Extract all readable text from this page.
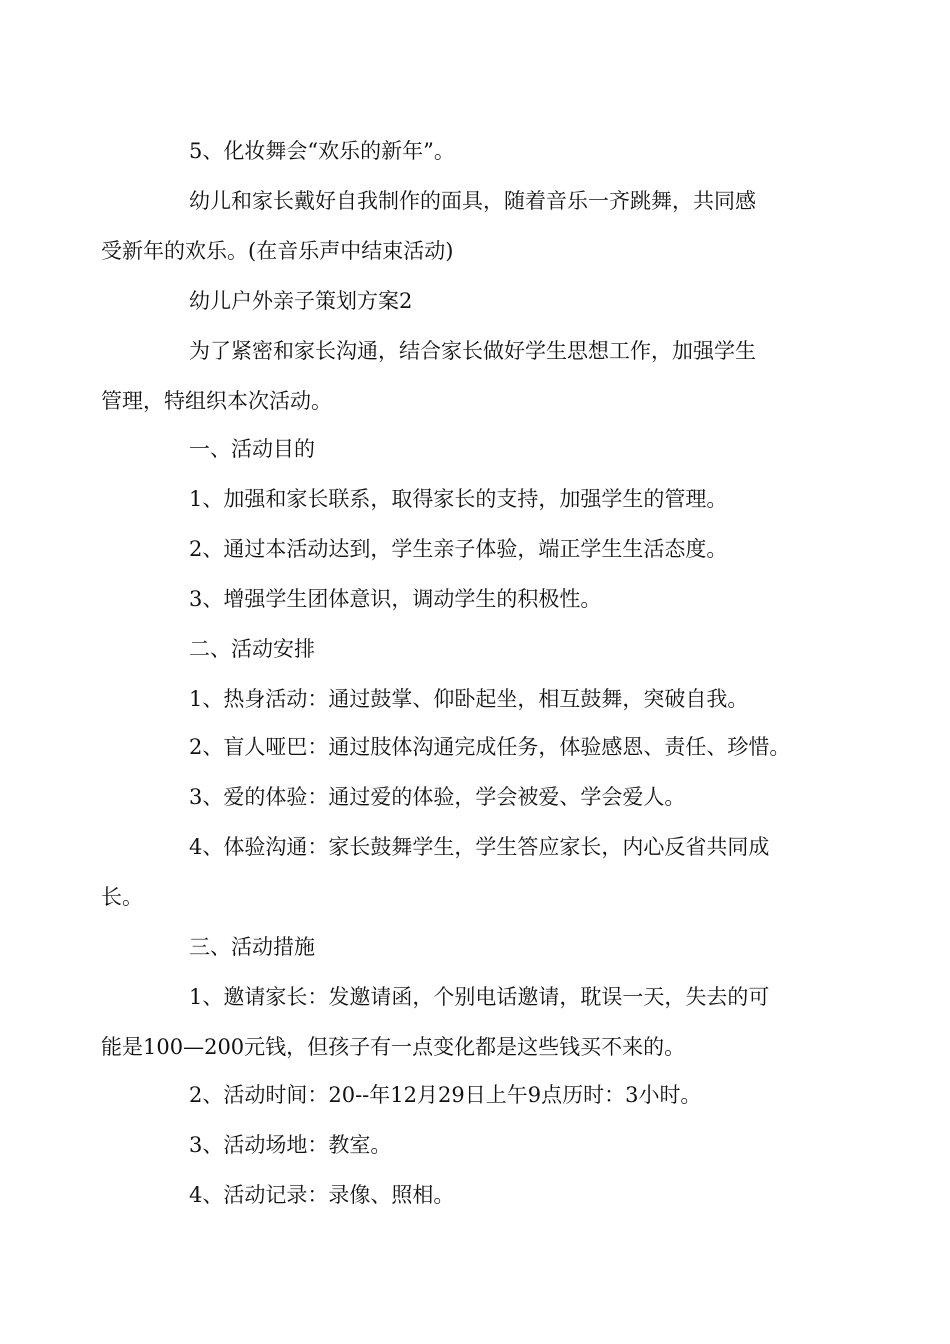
5、化妆舞会“欢乐的新年”。
幼儿和家长戴好自我制作的面具，随着音乐一齐跳舞，共同感
受新年的欢乐。(在音乐声中结束活动)
幼儿户外亲子策划方案2
为了紧密和家长沟通，结合家长做好学生思想工作，加强学生
管理，特组织本次活动。
一、活动目的
1、加强和家长联系，取得家长的支持，加强学生的管理。
2、通过本活动达到，学生亲子体验，端正学生生活态度。
3、增强学生团体意识，调动学生的积极性。
二、活动安排
1、热身活动：通过鼓掌、仰卧起坐，相互鼓舞，突破自我。
2、盲人哑巴：通过肢体沟通完成任务，体验感恩、责任、珍惜。
3、爱的体验：通过爱的体验，学会被爱、学会爱人。
4、体验沟通：家长鼓舞学生，学生答应家长，内心反省共同成
长。
三、活动措施
1、邀请家长：发邀请函，个别电话邀请，耽误一天，失去的可
能是100—200元钱，但孩子有一点变化都是这些钱买不来的。
2、活动时间：20--年12月29日上午9点历时：3小时。
3、活动场地：教室。
4、活动记录：录像、照相。
